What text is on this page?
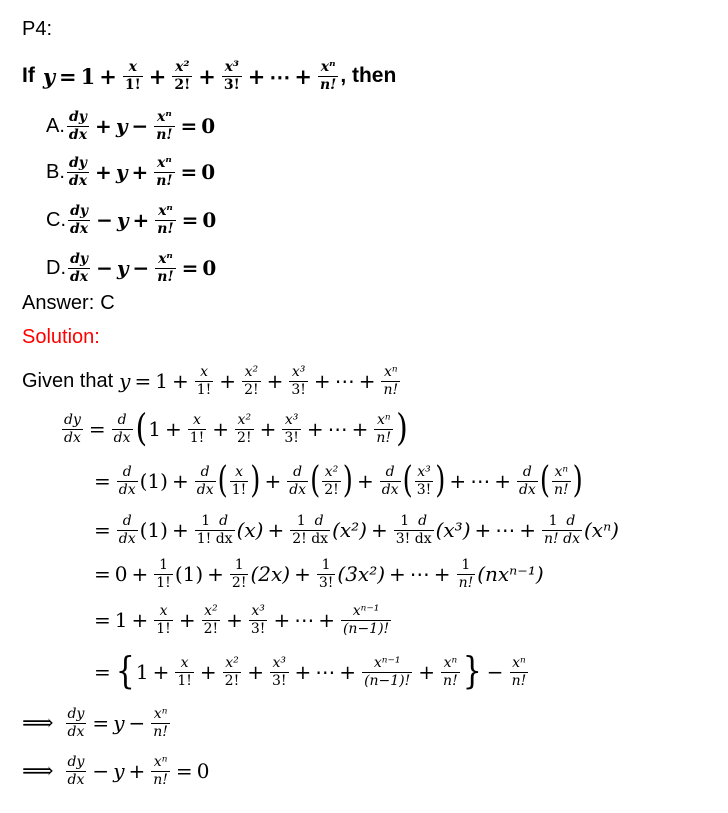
P4:
If $y = 1 + \frac{x}{1!} + \frac{\text{x²}}{2!} + \frac{\text{x³}}{3!}$ + ⋯ + $\frac{\text{xⁿ}}{n!}$ , then
A. $\frac{dy}{dx} + y - \frac{\text{xⁿ}}{n!} = 0$
B. $\frac{dy}{dx} + y + \frac{\text{xⁿ}}{n!} = 0$
C. $\frac{dy}{dx} - y + \frac{\text{xⁿ}}{n!} = 0$
D. $\frac{dy}{dx} - y - \frac{\text{xⁿ}}{n!} = 0$
Answer: C
Solution:
Given that $y = 1 + \frac{x}{1!} + \frac{\text{x²}}{2!} + \frac{\text{x³}}{3!}$ + ⋯ + $\frac{\text{xⁿ}}{n!}$
$\frac{dy}{dx} = \frac{d}{dx}$ ( $1 + \frac{x}{1!} + \frac{\text{x²}}{2!} + \frac{\text{x³}}{3!}$ + ⋯ + $\frac{\text{xⁿ}}{n!}$ )
= $\frac{d}{dx} (1) + \frac{d}{dx}$ ( $\frac{x}{1!}$ ) + $\frac{d}{dx}$ ( $\frac{\text{x²}}{2!}$ ) + $\frac{d}{dx}$ ( $\frac{\text{x³}}{3!}$ ) + ⋯ + $\frac{d}{dx}$ ( $\frac{\text{xⁿ}}{n!}$ )
= $\frac{d}{dx} (1) + \frac{1 d}{1! dx} (x) + \frac{1 d}{2! dx} (x^2) + \frac{1 d}{3! dx} (x^3)$ + ⋯ + $\frac{1 d}{n! dx} (x^n)$
= $0 + \frac{1}{1!} (1) + \frac{1}{2!} (2x) + \frac{1}{3!} (3x^2)$ + ⋯ + $\frac{1}{n!} (nx^{n-1})$
= $1 + \frac{x}{1!} + \frac{\text{x²}}{2!} + \frac{\text{x³}}{3!}$ + ⋯ + $\frac{\text{xⁿ⁻¹}}{(n-1)!}$
= { $1 + \frac{x}{1!} + \frac{\text{x²}}{2!} + \frac{\text{x³}}{3!}$ + ⋯ + $\frac{\text{xⁿ⁻¹}}{(n-1)!} + \frac{\text{xⁿ}}{n!}$ } − $\frac{\text{xⁿ}}{n!}$
⟹ $\frac{dy}{dx} = y - \frac{\text{xⁿ}}{n!}$
⟹ $\frac{dy}{dx} - y + \frac{\text{xⁿ}}{n!} = 0$
